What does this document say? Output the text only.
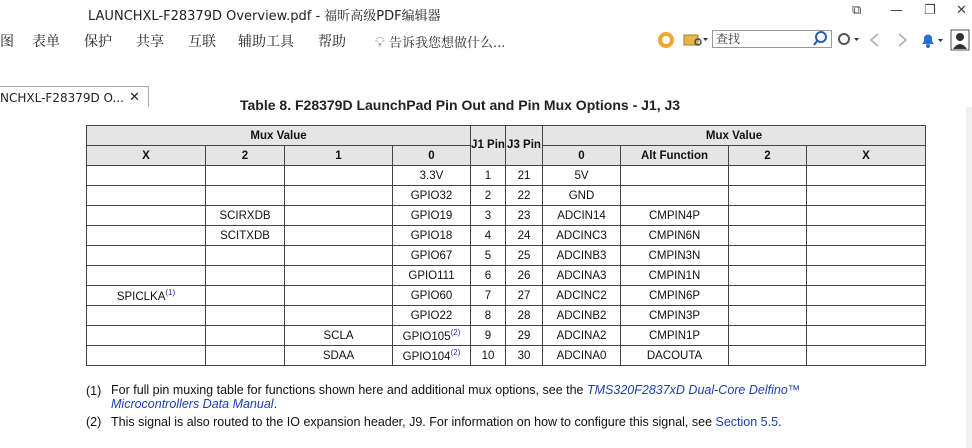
LAUNCHXL-F28379D Overview.pdf - 福昕高级PDF编辑器	⧉ — ❐ ✕
图 表单 保护 共享 互联 辅助工具 帮助 💡︎ 告诉我您想做什么...	查找
NCHXL-F28379D O... ✕	Table 8. F28379D LaunchPad Pin Out and Pin Mux Options - J1, J3
Mux Value				J1 Pin	J3 Pin	Mux Value			
X	2	1	0			0	Alt Function	2	X
			3.3V	1	21	5V			
			GPIO32	2	22	GND			
	SCIRXDB		GPIO19	3	23	ADCIN14	CMPIN4P		
	SCITXDB		GPIO18	4	24	ADCINC3	CMPIN6N		
			GPIO67	5	25	ADCINB3	CMPIN3N		
			GPIO111	6	26	ADCINA3	CMPIN1N		
SPICLKA$^{(1)}$			GPIO60	7	27	ADCINC2	CMPIN6P		
			GPIO22	8	28	ADCINB2	CMPIN3P		
		SCLA	GPIO105$^{(2)}$	9	29	ADCINA2	CMPIN1P		
		SDAA	GPIO104$^{(2)}$	10	30	ADCINA0	DACOUTA		
(1) For full pin muxing table for functions shown here and additional mux options, see the TMS320F2837xD Dual-Core Delfino™ Microcontrollers Data Manual.
(2) This signal is also routed to the IO expansion header, J9. For information on how to configure this signal, see Section 5.5.
